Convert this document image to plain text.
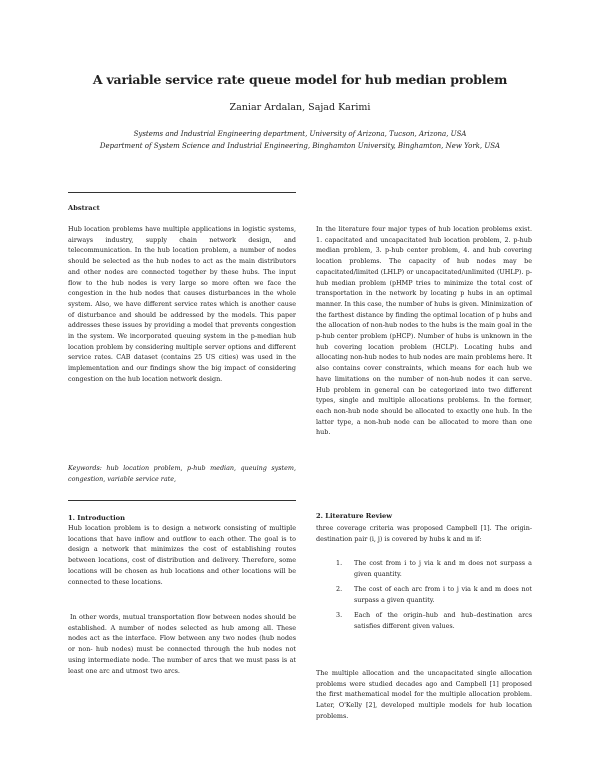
A variable service rate queue model for hub median problem
Zaniar Ardalan, Sajad Karimi
Systems and Industrial Engineering department, University of Arizona, Tucson, Arizona, USA
Department of System Science and Industrial Engineering, Binghamton University, Binghamton, New York, USA
Abstract

Hub location problems have multiple applications in logistic systems, airways industry, supply chain network design, and telecommunication. In the hub location problem, a number of nodes should be selected as the hub nodes to act as the main distributors and other nodes are connected together by these hubs. The input flow to the hub nodes is very large so more often we face the congestion in the hub nodes that causes disturbances in the whole system. Also, we have different service rates which is another cause of disturbance and should be addressed by the models. This paper addresses these issues by providing a model that prevents congestion in the system. We incorporated queuing system in the p-median hub location problem by considering multiple server options and different service rates. CAB dataset (contains 25 US cities) was used in the implementation and our findings show the big impact of considering congestion on the hub location network design.

Keywords: hub location problem, p-hub median, queuing system, congestion, variable service rate,
1. Introduction

Hub location problem is to design a network consisting of multiple locations that have inflow and outflow to each other. The goal is to design a network that minimizes the cost of establishing routes between locations, cost of distribution and delivery. Therefore, some locations will be chosen as hub locations and other locations will be connected to these locations.

In other words, mutual transportation flow between nodes should be established. A number of nodes selected as hub among all. These nodes act as the interface. Flow between any two nodes (hub nodes or non- hub nodes) must be connected through the hub nodes not using intermediate node. The number of arcs that we must pass is at least one arc and utmost two arcs.

In the literature four major types of hub location problems exist. 1. capacitated and uncapacitated hub location problem, 2. p-hub median problem, 3. p-hub center problem, 4. and hub covering location problems. The capacity of hub nodes may be capacitated/limited (LHLP) or uncapacitated/unlimited (UHLP). p-hub median problem (pHMP tries to minimize the total cost of transportation in the network by locating p hubs in an optimal manner. In this case, the number of hubs is given. Minimization of the farthest distance by finding the optimal location of p hubs and the allocation of non-hub nodes to the hubs is the main goal in the p-hub center problem (pHCP). Number of hubs is unknown in the hub covering location problem (HCLP). Locating hubs and allocating non-hub nodes to hub nodes are main problems here. It also contains cover constraints, which means for each hub we have limitations on the number of non-hub nodes it can serve. Hub problem in general can be categorized into two different types, single and multiple allocations problems. In the former, each non-hub node should be allocated to exactly one hub. In the latter type, a non-hub node can be allocated to more than one hub.

2. Literature Review

three coverage criteria was proposed Campbell [1]. The origin-destination pair (i, j) is covered by hubs k and m if:

1. The cost from i to j via k and m does not surpass a given quantity.
2. The cost of each arc from i to j via k and m does not surpass a given quantity.
3. Each of the origin–hub and hub–destination arcs satisfies different given values.

The multiple allocation and the uncapacitated single allocation problems were studied decades ago and Campbell [1] proposed the first mathematical model for the multiple allocation problem. Later, O'Kelly [2], developed multiple models for hub location problems.
